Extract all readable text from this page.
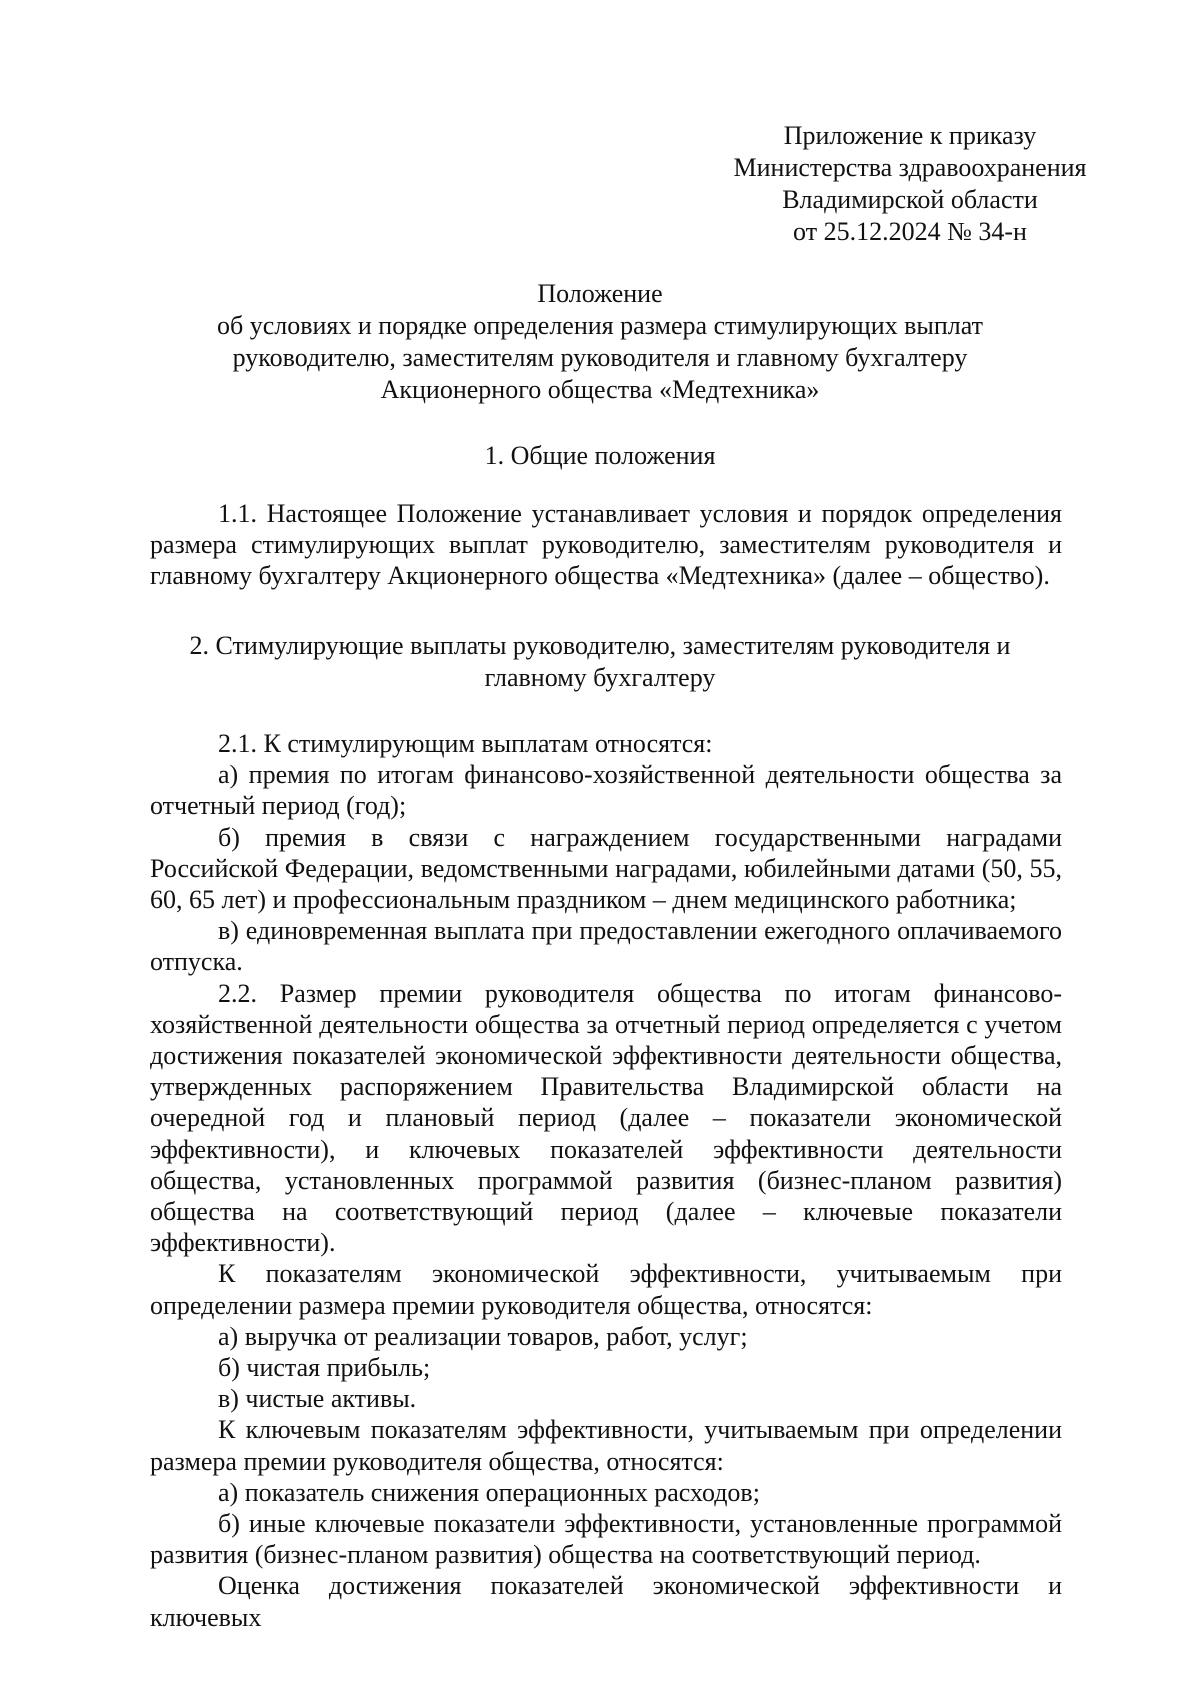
Приложение к приказу
Министерства здравоохранения
Владимирской области
от 25.12.2024 № 34-н
Положение
об условиях и порядке определения размера стимулирующих выплат
руководителю, заместителям руководителя и главному бухгалтеру
Акционерного общества «Медтехника»
1. Общие положения

1.1. Настоящее Положение устанавливает условия и порядок определения размера стимулирующих выплат руководителю, заместителям руководителя и главному бухгалтеру Акционерного общества «Медтехника» (далее – общество).

2. Стимулирующие выплаты руководителю, заместителям руководителя и
главному бухгалтеру

2.1. К стимулирующим выплатам относятся:

а) премия по итогам финансово-хозяйственной деятельности общества за отчетный период (год);

б) премия в связи с награждением государственными наградами Российской Федерации, ведомственными наградами, юбилейными датами (50, 55, 60, 65 лет) и профессиональным праздником – днем медицинского работника;

в) единовременная выплата при предоставлении ежегодного оплачиваемого отпуска.

2.2. Размер премии руководителя общества по итогам финансово-хозяйственной деятельности общества за отчетный период определяется с учетом достижения показателей экономической эффективности деятельности общества, утвержденных распоряжением Правительства Владимирской области на очередной год и плановый период (далее – показатели экономической эффективности), и ключевых показателей эффективности деятельности общества, установленных программой развития (бизнес-планом развития) общества на соответствующий период (далее – ключевые показатели эффективности).

К показателям экономической эффективности, учитываемым при определении размера премии руководителя общества, относятся:

а) выручка от реализации товаров, работ, услуг;

б) чистая прибыль;

в) чистые активы.

К ключевым показателям эффективности, учитываемым при определении размера премии руководителя общества, относятся:

а) показатель снижения операционных расходов;

б) иные ключевые показатели эффективности, установленные программой развития (бизнес-планом развития) общества на соответствующий период.

Оценка достижения показателей экономической эффективности и ключевых
